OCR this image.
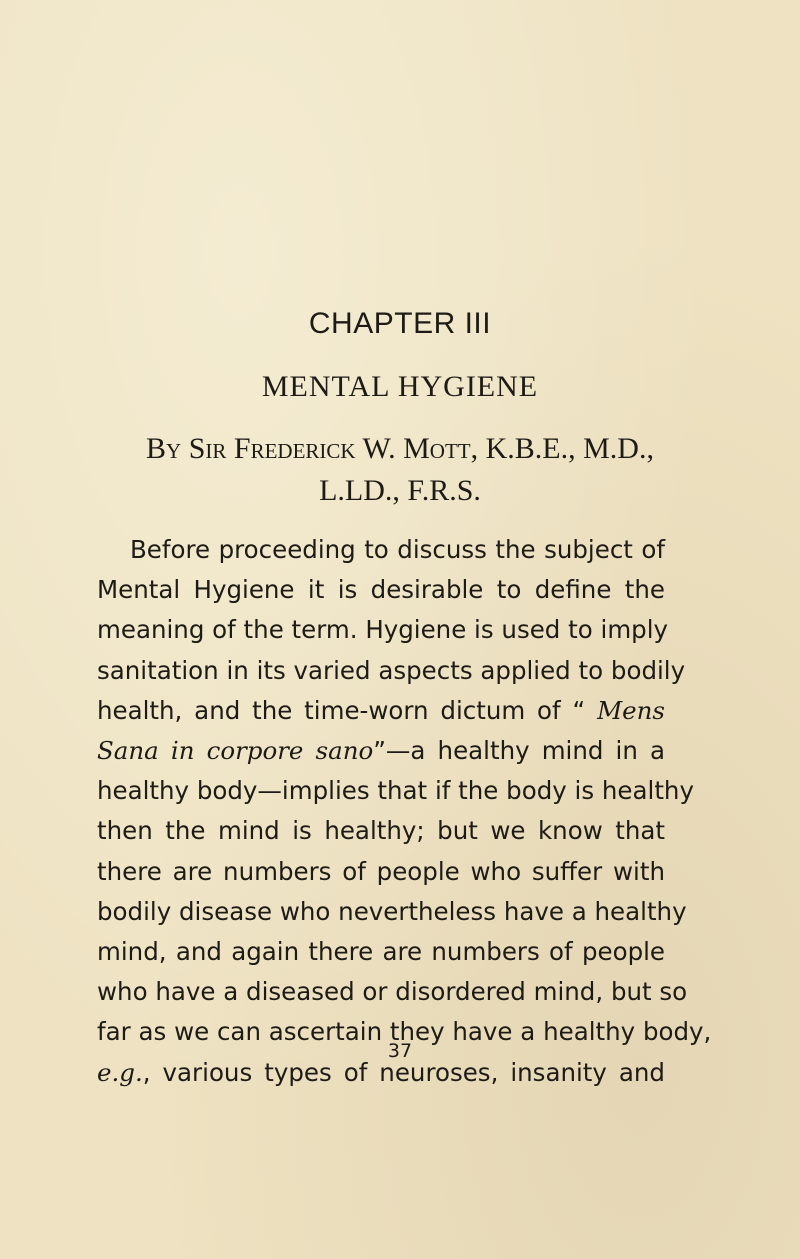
CHAPTER III
MENTAL HYGIENE
By Sir Frederick W. Mott, K.B.E., M.D.,
L.LD., F.R.S.
Before proceeding to discuss the subject of
Mental Hygiene it is desirable to define the
meaning of the term. Hygiene is used to imply
sanitation in its varied aspects applied to bodily
health, and the time-worn dictum of “ Mens
Sana in corpore sano”—a healthy mind in a
healthy body—implies that if the body is healthy
then the mind is healthy; but we know that
there are numbers of people who suffer with
bodily disease who nevertheless have a healthy
mind, and again there are numbers of people
who have a diseased or disordered mind, but so
far as we can ascertain they have a healthy body,
e.g., various types of neuroses, insanity and
37
